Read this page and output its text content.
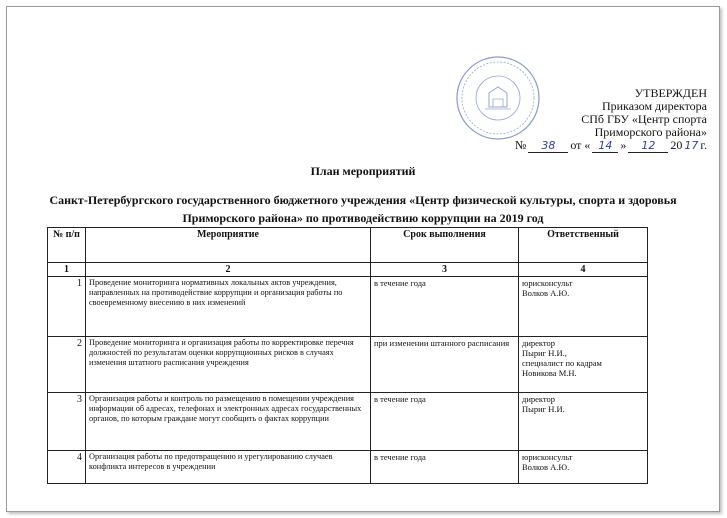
УТВЕРЖДЕН
Приказом директора
СПб ГБУ «Центр спорта
Приморского района»
№	38	от « 14 »	12	20 17 г.
План мероприятий
Санкт-Петербургского государственного бюджетного учреждения «Центр физической культуры, спорта и здоровья Приморского района» по противодействию коррупции на 2019 год
№ п/п	Мероприятие	Срок выполнения	Ответственный
1	2	3	4
1	Проведение мониторинга нормативных локальных актов учреждения, направленных на противодействие коррупции и организация работы по своевременному внесению в них изменений	в течение года	юрисконсульт
Волков А.Ю.

2	Проведение мониторинга и организация работы по корректировке перечня должностей по результатам оценки коррупционных рисков в случаях изменения штатного расписания учреждения	при изменении штанного расписания	директор
Пыриг Н.И.,
специалист по кадрам
Новикова М.Н.

3	Организация работы и контроль по размещению в помещении учреждения информации об адресах, телефонах и электронных адресах государственных органов, по которым граждане могут сообщить о фактах коррупции	в течение года	директор
Пыриг Н.И.

4	Организация работы по предотвращению и урегулированию случаев конфликта интересов в учреждении	в течение года	юрисконсульт
Волков А.Ю.
